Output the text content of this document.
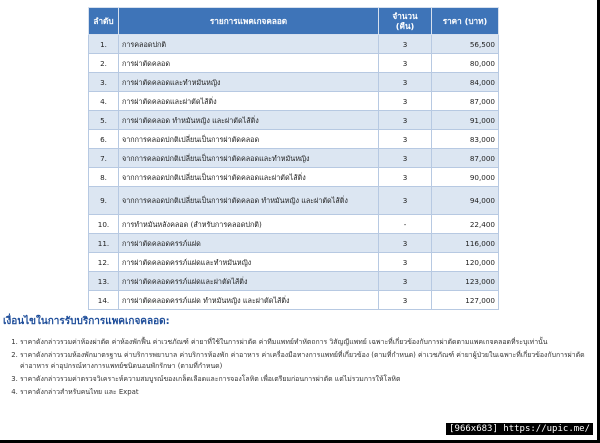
ลำดับ	รายการแพคเกจคลอด	จำนวน (คืน)	ราคา (บาท)
1.	การคลอดปกติ	3	56,500
2.	การผ่าตัดคลอด	3	80,000
3.	การผ่าตัดคลอดและทำหมันหญิง	3	84,000
4.	การผ่าตัดคลอดและผ่าตัดไส้ติ่ง	3	87,000
5.	การผ่าตัดคลอด ทำหมันหญิง และผ่าตัดไส้ติ่ง	3	91,000
6.	จากการคลอดปกติเปลี่ยนเป็นการผ่าตัดคลอด	3	83,000
7.	จากการคลอดปกติเปลี่ยนเป็นการผ่าตัดคลอดและทำหมันหญิง	3	87,000
8.	จากการคลอดปกติเปลี่ยนเป็นการผ่าตัดคลอดและผ่าตัดไส้ติ่ง	3	90,000
9.	จากการคลอดปกติเปลี่ยนเป็นการผ่าตัดคลอด ทำหมันหญิง และผ่าตัดไส้ติ่ง	3	94,000
10.	การทำหมันหลังคลอด (สำหรับการคลอดปกติ)	-	22,400
11.	การผ่าตัดคลอดครรภ์แฝด	3	116,000
12.	การผ่าตัดคลอดครรภ์แฝดและทำหมันหญิง	3	120,000
13.	การผ่าตัดคลอดครรภ์แฝดและผ่าตัดไส้ติ่ง	3	123,000
14.	การผ่าตัดคลอดครรภ์แฝด ทำหมันหญิง และผ่าตัดไส้ติ่ง	3	127,000
เงื่อนไขในการรับบริการแพคเกจคลอด:
1. ราคาดังกล่าวรวมค่าห้องผ่าตัด ค่าห้องพักฟื้น ค่าเวชภัณฑ์ ค่ายาที่ใช้ในการผ่าตัด ค่าทีมแพทย์ทำหัตถการ วิสัญญีแพทย์ เฉพาะที่เกี่ยวข้องกับการผ่าตัดตามแพคเกจคลอดที่ระบุเท่านั้น
2. ราคาดังกล่าวรวมห้องพักมาตรฐาน ค่าบริการพยาบาล ค่าบริการห้องพัก ค่าอาหาร ค่าเครื่องมือทางการแพทย์ที่เกี่ยวข้อง (ตามที่กำหนด) ค่าเวชภัณฑ์ ค่ายาผู้ป่วยในเฉพาะที่เกี่ยวข้องกับการผ่าตัด ค่าอาหาร ค่าอุปกรณ์ทางการแพทย์ชนิดนอนพักรักษา (ตามที่กำหนด)
3. ราคาดังกล่าวรวมค่าตรวจวิเคราะห์ความสมบูรณ์ของเกล็ดเลือดและการจองโลหิต เพื่อเตรียมก่อนการผ่าตัด แต่ไม่รวมการให้โลหิต
4. ราคาดังกล่าวสำหรับคนไทย และ Expat
[966x683] https://upic.me/
